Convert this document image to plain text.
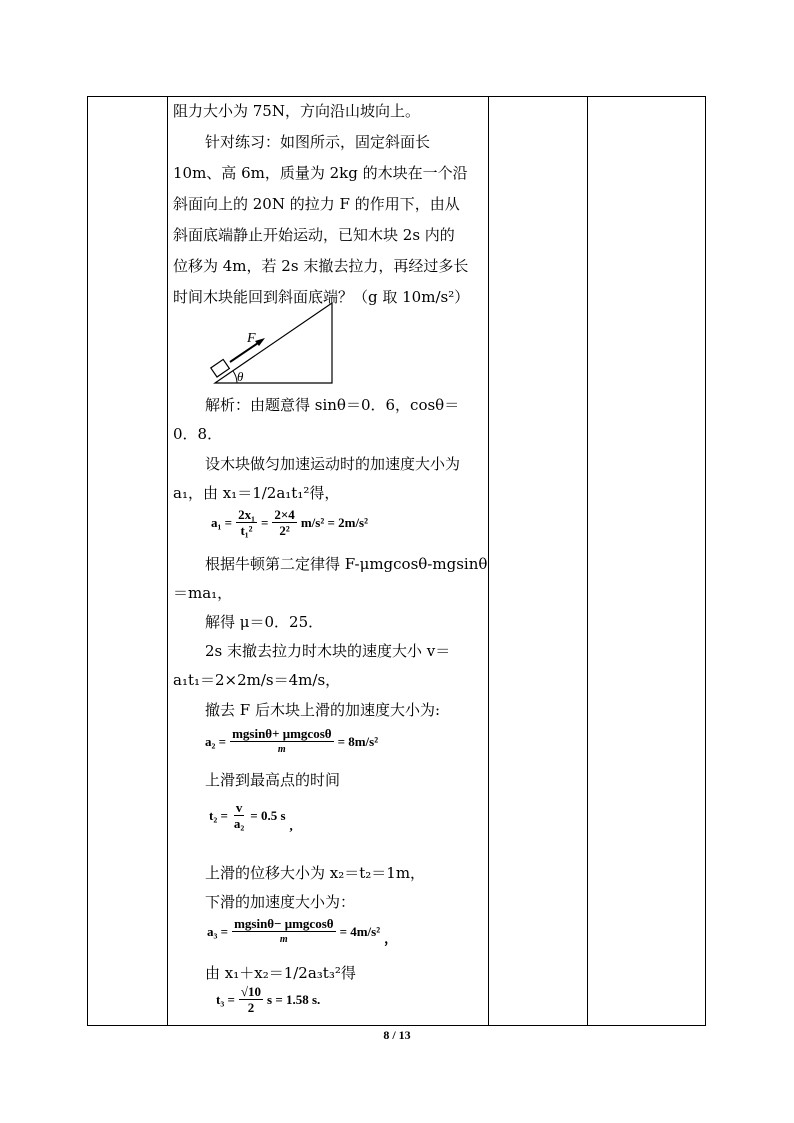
阻力大小为 75N，方向沿山坡向上。
针对练习：如图所示，固定斜面长
10m、高 6m，质量为 2kg 的木块在一个沿
斜面向上的 20N 的拉力 F 的作用下，由从
斜面底端静止开始运动，已知木块 2s 内的
位移为 4m，若 2s 末撤去拉力，再经过多长
时间木块能回到斜面底端？（g 取 10m/s²）
F
θ
解析：由题意得 sinθ＝0．6，cosθ＝
0．8．
设木块做匀加速运动时的加速度大小为
a₁，由 x₁＝1/2a₁t₁²得，
$a_1 = \frac{\text{2x₁}}{\text{t₁²}} = \frac{2\times 4}{\text{2²}} m/s^2 = 2m/s^2$
根据牛顿第二定律得 F-μmgcosθ-mgsinθ
＝ma₁，
解得 μ＝0．25．
2s 末撤去拉力时木块的速度大小 v＝
a₁t₁＝2×2m/s＝4m/s，
撤去 F 后木块上滑的加速度大小为:
$a_2 = \frac{\text{mgsinθ+ μmgcosθ}}{m} = 8m/s^2$
上滑到最高点的时间
$t_2 = \frac{v}{\text{a₂}} = 0.5$ s
,
上滑的位移大小为 x₂＝t₂＝1m，
下滑的加速度大小为：
$a_3 = \frac{\text{mgsinθ− μmgcosθ}}{m} = 4m/s^2$ ，
由 x₁＋x₂＝1/2a₃t₃²得
$t_3 = \frac{√10}{2}$ s = 1.58 s.
8 / 13
